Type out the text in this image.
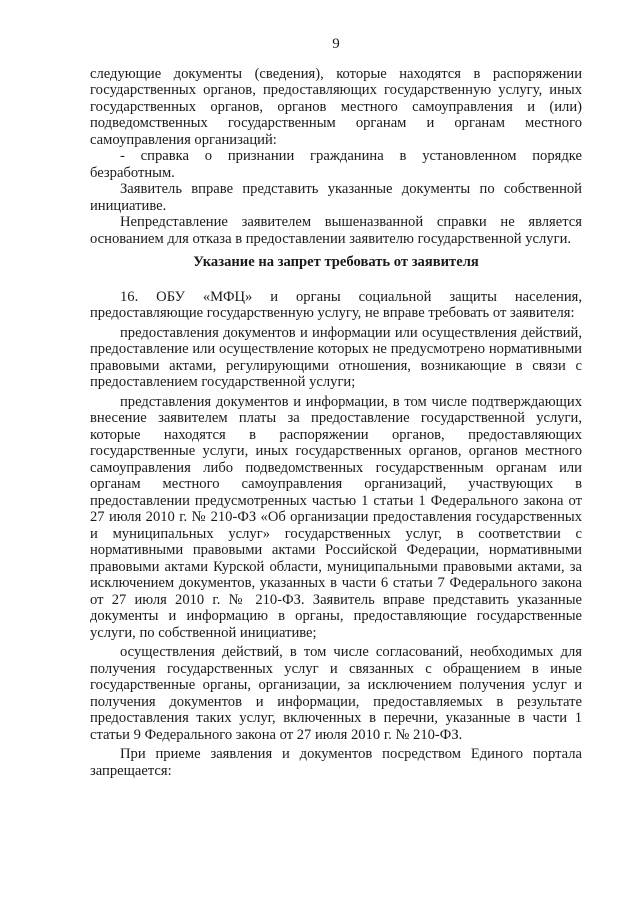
9

следующие документы (сведения), которые находятся в распоряжении государственных органов, предоставляющих государственную услугу, иных государственных органов, органов местного самоуправления и (или) подведомственных государственным органам и органам местного самоуправления организаций:

- справка о признании гражданина в установленном порядке безработным.

Заявитель вправе представить указанные документы по собственной инициативе.

Непредставление заявителем вышеназванной справки не является основанием для отказа в предоставлении заявителю государственной услуги.

Указание на запрет требовать от заявителя

16. ОБУ «МФЦ» и органы социальной защиты населения, предоставляющие государственную услугу, не вправе требовать от заявителя:

предоставления документов и информации или осуществления действий, предоставление или осуществление которых не предусмотрено нормативными правовыми актами, регулирующими отношения, возникающие в связи с предоставлением государственной услуги;

представления документов и информации, в том числе подтверждающих внесение заявителем платы за предоставление государственной услуги, которые находятся в распоряжении органов, предоставляющих государственные услуги, иных государственных органов, органов местного самоуправления либо подведомственных государственным органам или органам местного самоуправления организаций, участвующих в предоставлении предусмотренных частью 1 статьи 1 Федерального закона от 27 июля 2010 г. № 210-ФЗ «Об организации предоставления государственных и муниципальных услуг» государственных услуг, в соответствии с нормативными правовыми актами Российской Федерации, нормативными правовыми актами Курской области, муниципальными правовыми актами, за исключением документов, указанных в части 6 статьи 7 Федерального закона от 27 июля 2010 г. № 210-ФЗ. Заявитель вправе представить указанные документы и информацию в органы, предоставляющие государственные услуги, по собственной инициативе;

осуществления действий, в том числе согласований, необходимых для получения государственных услуг и связанных с обращением в иные государственные органы, организации, за исключением получения услуг и получения документов и информации, предоставляемых в результате предоставления таких услуг, включенных в перечни, указанные в части 1 статьи 9 Федерального закона от 27 июля 2010 г. № 210-ФЗ.

При приеме заявления и документов посредством Единого портала запрещается:
